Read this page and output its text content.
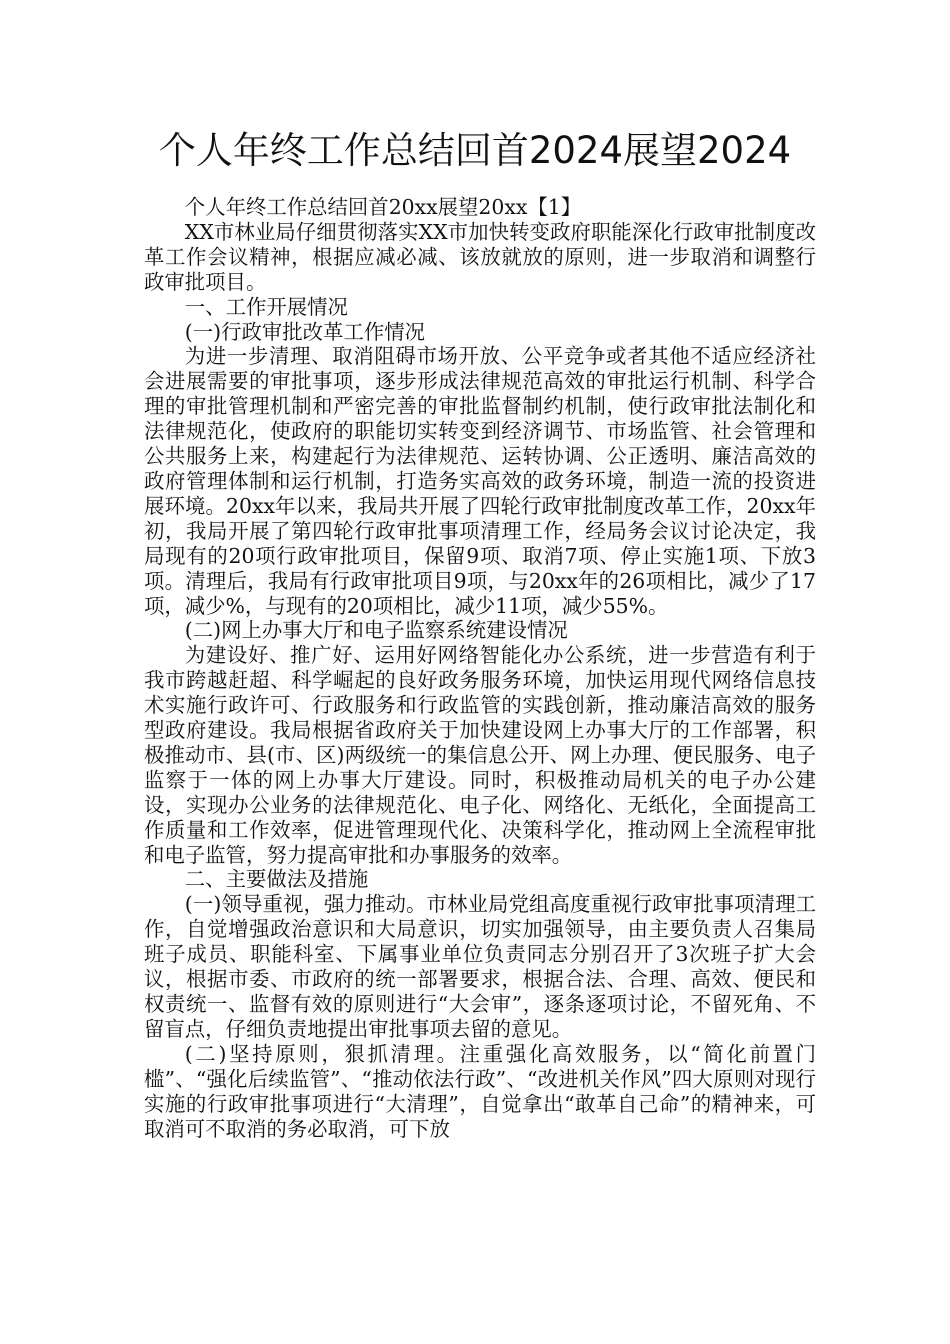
个人年终工作总结回首2024展望2024

个人年终工作总结回首20xx展望20xx【1】

XX市林业局仔细贯彻落实XX市加快转变政府职能深化行政审批制度改革工作会议精神，根据应减必减、该放就放的原则，进一步取消和调整行政审批项目。

一、工作开展情况

(一)行政审批改革工作情况

为进一步清理、取消阻碍市场开放、公平竞争或者其他不适应经济社会进展需要的审批事项，逐步形成法律规范高效的审批运行机制、科学合理的审批管理机制和严密完善的审批监督制约机制，使行政审批法制化和法律规范化，使政府的职能切实转变到经济调节、市场监管、社会管理和公共服务上来，构建起行为法律规范、运转协调、公正透明、廉洁高效的政府管理体制和运行机制，打造务实高效的政务环境，制造一流的投资进展环境。20xx年以来，我局共开展了四轮行政审批制度改革工作，20xx年初，我局开展了第四轮行政审批事项清理工作，经局务会议讨论决定，我局现有的20项行政审批项目，保留9项、取消7项、停止实施1项、下放3项。清理后，我局有行政审批项目9项，与20xx年的26项相比，减少了17项，减少%，与现有的20项相比，减少11项，减少55%。

(二)网上办事大厅和电子监察系统建设情况

为建设好、推广好、运用好网络智能化办公系统，进一步营造有利于我市跨越赶超、科学崛起的良好政务服务环境，加快运用现代网络信息技术实施行政许可、行政服务和行政监管的实践创新，推动廉洁高效的服务型政府建设。我局根据省政府关于加快建设网上办事大厅的工作部署，积极推动市、县(市、区)两级统一的集信息公开、网上办理、便民服务、电子监察于一体的网上办事大厅建设。同时，积极推动局机关的电子办公建设，实现办公业务的法律规范化、电子化、网络化、无纸化，全面提高工作质量和工作效率，促进管理现代化、决策科学化，推动网上全流程审批和电子监管，努力提高审批和办事服务的效率。

二、主要做法及措施

(一)领导重视，强力推动。市林业局党组高度重视行政审批事项清理工作，自觉增强政治意识和大局意识，切实加强领导，由主要负责人召集局班子成员、职能科室、下属事业单位负责同志分别召开了3次班子扩大会议，根据市委、市政府的统一部署要求，根据合法、合理、高效、便民和权责统一、监督有效的原则进行“大会审”，逐条逐项讨论，不留死角、不留盲点，仔细负责地提出审批事项去留的意见。

(二)坚持原则，狠抓清理。注重强化高效服务，以“简化前置门槛”、“强化后续监管”、“推动依法行政”、“改进机关作风”四大原则对现行实施的行政审批事项进行“大清理”，自觉拿出“敢革自己命”的精神来，可取消可不取消的务必取消，可下放
